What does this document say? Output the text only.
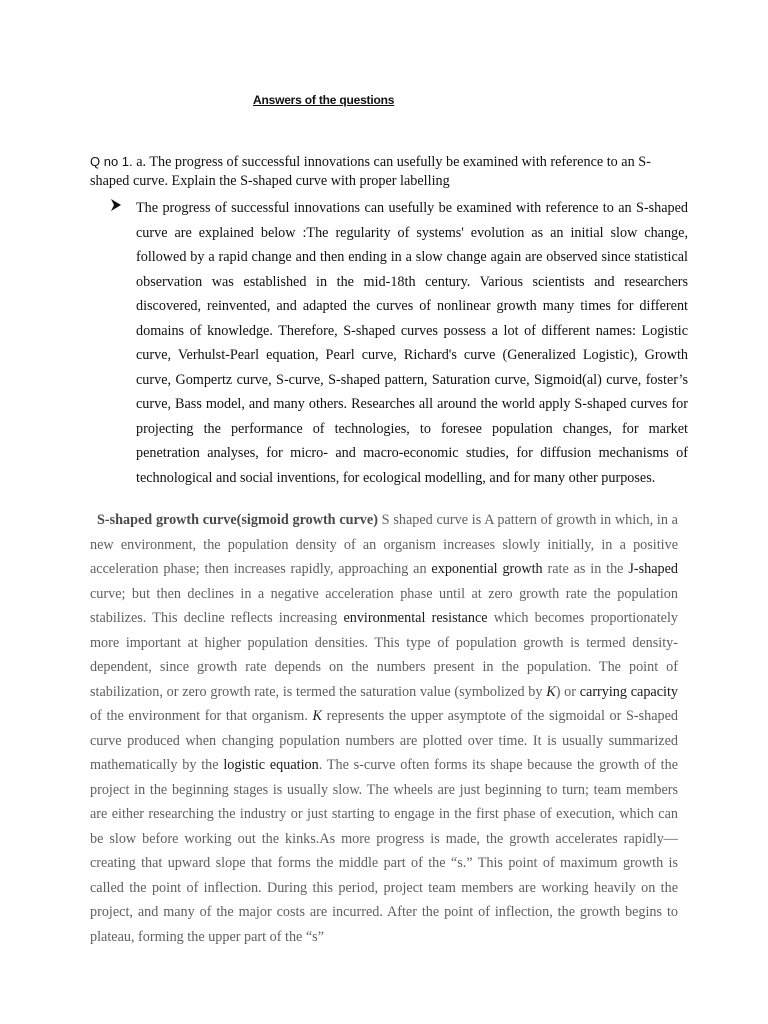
Answers of the questions
Q no 1. a. The progress of successful innovations can usefully be examined with reference to an S-shaped curve. Explain the S-shaped curve with proper labelling
The progress of successful innovations can usefully be examined with reference to an S-shaped curve are explained below :The regularity of systems' evolution as an initial slow change, followed by a rapid change and then ending in a slow change again are observed since statistical observation was established in the mid-18th century. Various scientists and researchers discovered, reinvented, and adapted the curves of nonlinear growth many times for different domains of knowledge. Therefore, S-shaped curves possess a lot of different names: Logistic curve, Verhulst-Pearl equation, Pearl curve, Richard's curve (Generalized Logistic), Growth curve, Gompertz curve, S-curve, S-shaped pattern, Saturation curve, Sigmoid(al) curve, foster’s curve, Bass model, and many others. Researches all around the world apply S-shaped curves for projecting the performance of technologies, to foresee population changes, for market penetration analyses, for micro- and macro-economic studies, for diffusion mechanisms of technological and social inventions, for ecological modelling, and for many other purposes.
S-shaped growth curve(sigmoid growth curve) S shaped curve is A pattern of growth in which, in a new environment, the population density of an organism increases slowly initially, in a positive acceleration phase; then increases rapidly, approaching an exponential growth rate as in the J-shaped curve; but then declines in a negative acceleration phase until at zero growth rate the population stabilizes. This decline reflects increasing environmental resistance which becomes proportionately more important at higher population densities. This type of population growth is termed density-dependent, since growth rate depends on the numbers present in the population. The point of stabilization, or zero growth rate, is termed the saturation value (symbolized by K) or carrying capacity of the environment for that organism. K represents the upper asymptote of the sigmoidal or S-shaped curve produced when changing population numbers are plotted over time. It is usually summarized mathematically by the logistic equation. The s-curve often forms its shape because the growth of the project in the beginning stages is usually slow. The wheels are just beginning to turn; team members are either researching the industry or just starting to engage in the first phase of execution, which can be slow before working out the kinks.As more progress is made, the growth accelerates rapidly—creating that upward slope that forms the middle part of the “s.” This point of maximum growth is called the point of inflection. During this period, project team members are working heavily on the project, and many of the major costs are incurred. After the point of inflection, the growth begins to plateau, forming the upper part of the “s”
